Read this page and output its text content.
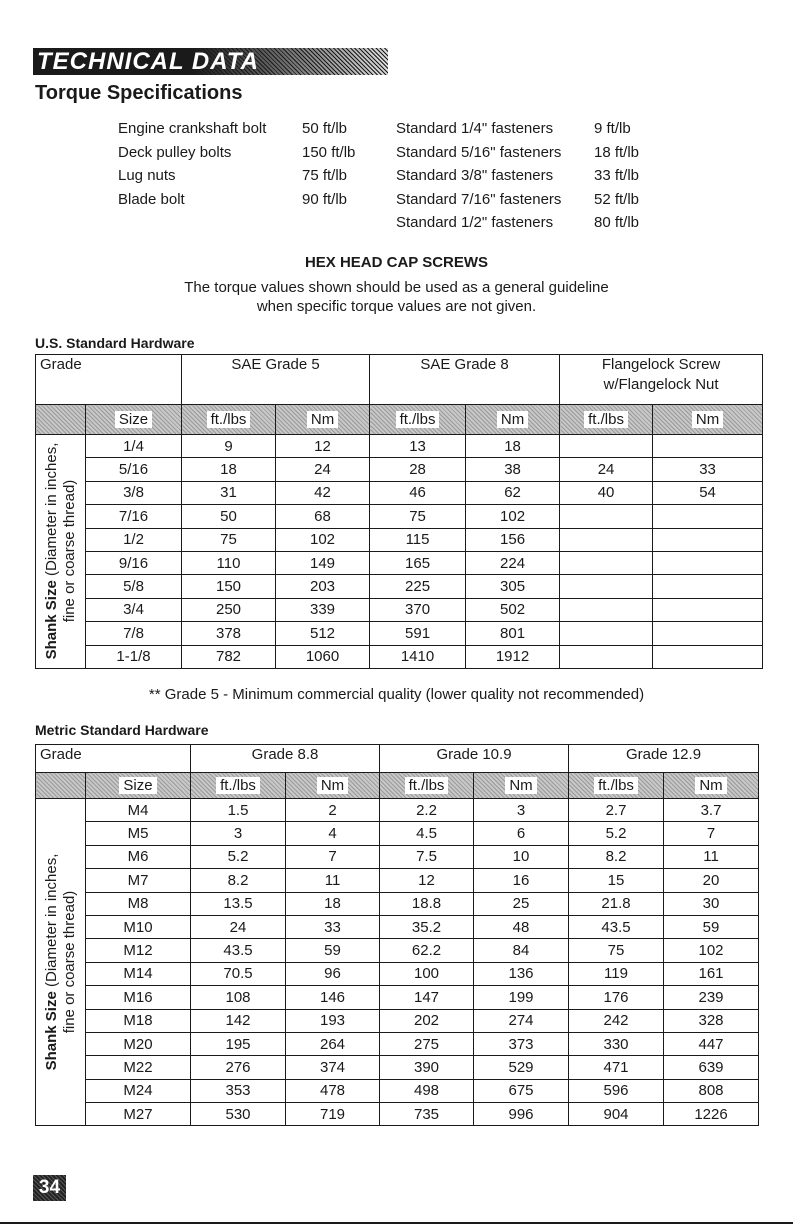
TECHNICAL DATA
Torque Specifications
Engine crankshaft bolt 50 ft/lb	Standard 1/4" fasteners	9 ft/lb
Deck pulley bolts	150 ft/lb	Standard 5/16" fasteners 18 ft/lb
Lug nuts	75 ft/lb	Standard 3/8" fasteners	33 ft/lb
Blade bolt	90 ft/lb	Standard 7/16" fasteners 52 ft/lb
Standard 1/2" fasteners	80 ft/lb
HEX HEAD CAP SCREWS

The torque values shown should be used as a general guideline
when specific torque values are not given.

U.S. Standard Hardware
Grade		SAE Grade 5		SAE Grade 8		Flangelock Screw
w/Flangelock Nut	
	Size	ft./lbs	Nm	ft./lbs	Nm	ft./lbs	Nm

Shank Size (Diameter in inches,
fine or coarse thread)	1/4	9	12	13	18		
	5/16	18	24	28	38	24	33
	3/8	31	42	46	62	40	54
	7/16	50	68	75	102		
	1/2	75	102	115	156		
	9/16	110	149	165	224		
	5/8	150	203	225	305		
	3/4	250	339	370	502		
	7/8	378	512	591	801		
	1-1/8	782	1060	1410	1912		

** Grade 5 - Minimum commercial quality (lower quality not recommended)

Metric Standard Hardware
Grade		Grade 8.8		Grade 10.9		Grade 12.9	
	Size	ft./lbs	Nm	ft./lbs	Nm	ft./lbs	Nm

Shank Size (Diameter in inches,
fine or coarse thread)	M4	1.5	2	2.2	3	2.7	3.7
	M5	3	4	4.5	6	5.2	7
	M6	5.2	7	7.5	10	8.2	11
	M7	8.2	11	12	16	15	20
	M8	13.5	18	18.8	25	21.8	30
	M10	24	33	35.2	48	43.5	59
	M12	43.5	59	62.2	84	75	102
	M14	70.5	96	100	136	119	161
	M16	108	146	147	199	176	239
	M18	142	193	202	274	242	328
	M20	195	264	275	373	330	447
	M22	276	374	390	529	471	639
	M24	353	478	498	675	596	808
	M27	530	719	735	996	904	1226
34
